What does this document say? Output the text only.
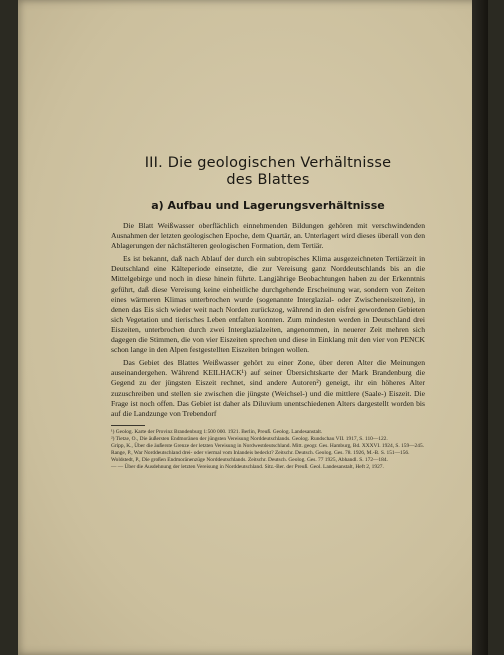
III. Die geologischen Verhältnisse

des Blattes

a) Aufbau und Lagerungsverhältnisse

Die Blatt Weißwasser oberflächlich einnehmenden Bildungen gehören mit verschwindenden Ausnahmen der letzten geologischen Epoche, dem Quartär, an. Unterlagert wird dieses überall von den Ablagerungen der nächstälteren geologischen Formation, dem Tertiär.

Es ist bekannt, daß nach Ablauf der durch ein subtropisches Klima ausgezeichneten Tertiärzeit in Deutschland eine Kälteperiode einsetzte, die zur Vereisung ganz Norddeutschlands bis an die Mittelgebirge und noch in diese hinein führte. Langjährige Beobachtungen haben zu der Erkenntnis geführt, daß diese Vereisung keine einheitliche durchgehende Erscheinung war, sondern von Zeiten eines wärmeren Klimas unterbrochen wurde (sogenannte Interglazial- oder Zwischeneiszeiten), in denen das Eis sich wieder weit nach Norden zurückzog, während in den eisfrei gewordenen Gebieten sich Vegetation und tierisches Leben entfalten konnten. Zum mindesten werden in Deutschland drei Eiszeiten, unterbrochen durch zwei Interglazialzeiten, angenommen, in neuerer Zeit mehren sich dagegen die Stimmen, die von vier Eiszeiten sprechen und diese in Einklang mit den vier von PENCK schon lange in den Alpen festgestellten Eiszeiten bringen wollen.

Das Gebiet des Blattes Weißwasser gehört zu einer Zone, über deren Alter die Meinungen auseinandergehen. Während KEILHACK¹) auf seiner Übersichtskarte der Mark Brandenburg die Gegend zu der jüngsten Eiszeit rechnet, sind andere Autoren²) geneigt, ihr ein höheres Alter zuzuschreiben und stellen sie zwischen die jüngste (Weichsel-) und die mittlere (Saale-) Eiszeit. Die Frage ist noch offen. Das Gebiet ist daher als Diluvium unentschiedenen Alters dargestellt worden bis auf die Landzunge von Trebendorf

¹) Geolog. Karte der Provinz Brandenburg 1:500 000. 1921. Berlin, Preuß. Geolog. Landesanstalt.

²) Tietze, O., Die äußersten Endmoränen der jüngsten Vereisung Norddeutschlands. Geolog. Rundschau VII. 1917, S. 110—122.

Gripp, K., Über die äußerste Grenze der letzten Vereisung in Nordwestdeutschland. Mitt. geogr. Ges. Hamburg, Bd. XXXVI. 1924, S. 159—245.

Range, P., War Norddeutschland drei- oder viermal vom Inlandeis bedeckt? Zeitschr. Deutsch. Geolog. Ges. 78. 1926, M.-B. S. 151—156.

Woldstedt, P., Die großen Endmoränenzüge Norddeutschlands. Zeitschr. Deutsch. Geolog. Ges. 77 1925, Abhandl. S. 172—184.

— — Über die Ausdehnung der letzten Vereisung in Norddeutschland. Sitz.-Ber. der Preuß. Geol. Landesanstalt, Heft 2, 1927.
